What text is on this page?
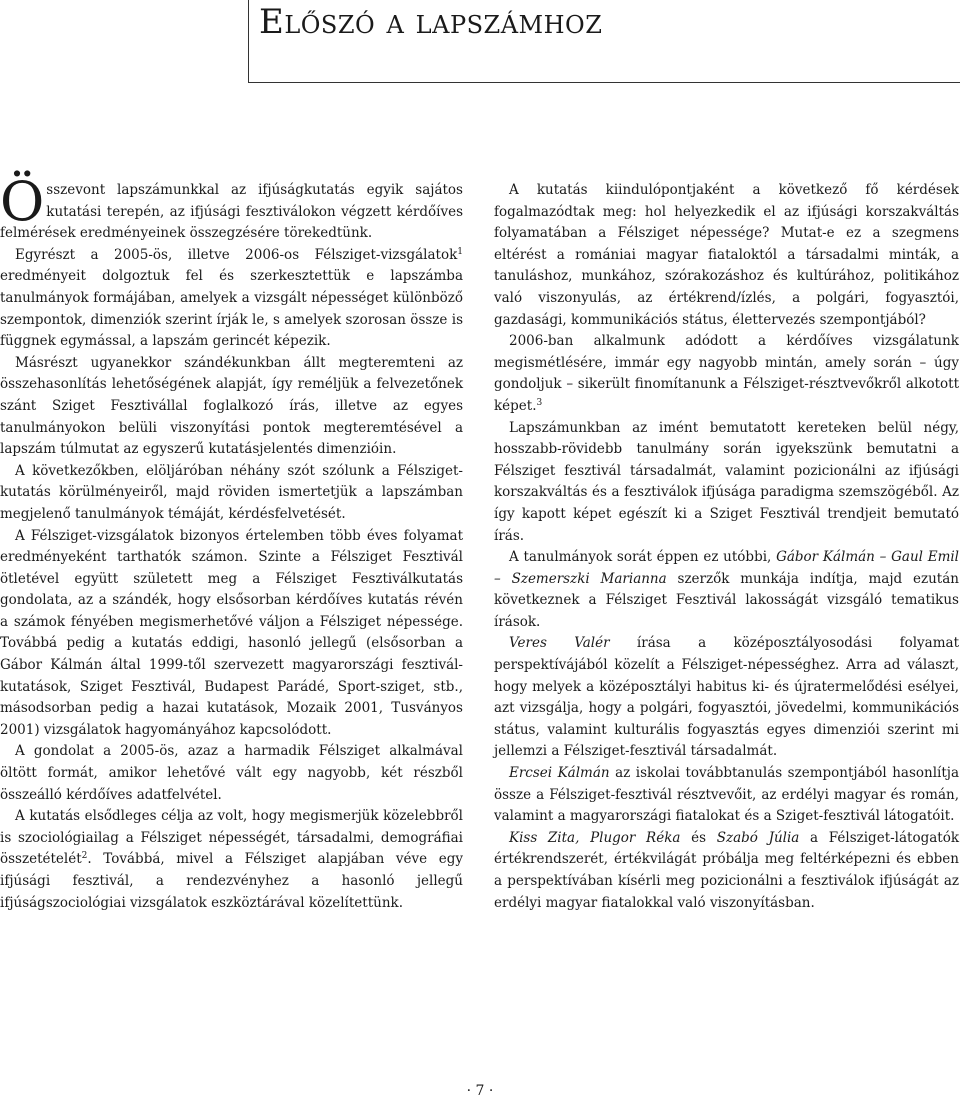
Előszó a lapszámhoz

Összevont lapszámunkkal az ifjúságkutatás egyik sajátos kutatási terepén, az ifjúsági fesztiválokon végzett kérdőíves felmérések eredményeinek összegzésére törekedtünk.

Egyrészt a 2005-ös, illetve 2006-os Félsziget-vizsgálatok$^1$ eredményeit dolgoztuk fel és szerkesztettük e lapszámba tanulmányok formájában, amelyek a vizsgált népességet különböző szempontok, dimenziók szerint írják le, s amelyek szorosan össze is függnek egymással, a lapszám gerincét képezik.

Másrészt ugyanekkor szándékunkban állt megteremteni az összehasonlítás lehetőségének alapját, így reméljük a felvezetőnek szánt Sziget Fesztivállal foglalkozó írás, illetve az egyes tanulmányokon belüli viszonyítási pontok megteremtésével a lapszám túlmutat az egyszerű kutatásjelentés dimenzióin.

A következőkben, elöljáróban néhány szót szólunk a Félsziget-kutatás körülményeiről, majd röviden ismertetjük a lapszámban megjelenő tanulmányok témáját, kérdésfelvetését.

A Félsziget-vizsgálatok bizonyos értelemben több éves folyamat eredményeként tarthatók számon. Szinte a Félsziget Fesztivál ötletével együtt született meg a Félsziget Fesztiválkutatás gondolata, az a szándék, hogy elsősorban kérdőíves kutatás révén a számok fényében megismerhetővé váljon a Félsziget népessége. Továbbá pedig a kutatás eddigi, hasonló jellegű (elsősorban a Gábor Kálmán által 1999-től szervezett magyarországi fesztivál-kutatások, Sziget Fesztivál, Budapest Parádé, Sport-sziget, stb., másodsorban pedig a hazai kutatások, Mozaik 2001, Tusványos 2001) vizsgálatok hagyományához kapcsolódott.

A gondolat a 2005-ös, azaz a harmadik Félsziget alkalmával öltött formát, amikor lehetővé vált egy nagyobb, két részből összeálló kérdőíves adatfelvétel.

A kutatás elsődleges célja az volt, hogy megismerjük közelebbről is szociológiailag a Félsziget népességét, társadalmi, demográfiai összetételét$^2$. Továbbá, mivel a Félsziget alapjában véve egy ifjúsági fesztivál, a rendezvényhez a hasonló jellegű ifjúságszociológiai vizsgálatok eszköztárával közelítettünk.

A kutatás kiindulópontjaként a következő fő kérdések fogalmazódtak meg: hol helyezkedik el az ifjúsági korszakváltás folyamatában a Félsziget népessége? Mutat-e ez a szegmens eltérést a romániai magyar fiataloktól a társadalmi minták, a tanuláshoz, munkához, szórakozáshoz és kultúrához, politikához való viszonyulás, az értékrend/ízlés, a polgári, fogyasztói, gazdasági, kommunikációs státus, élettervezés szempontjából?

2006-ban alkalmunk adódott a kérdőíves vizsgálatunk megismétlésére, immár egy nagyobb mintán, amely során – úgy gondoljuk – sikerült finomítanunk a Félsziget-résztvevőkről alkotott képet.$^3$

Lapszámunkban az imént bemutatott kereteken belül négy, hosszabb-rövidebb tanulmány során igyekszünk bemutatni a Félsziget fesztivál társadalmát, valamint pozicionálni az ifjúsági korszakváltás és a fesztiválok ifjúsága paradigma szemszögéből. Az így kapott képet egészít ki a Sziget Fesztivál trendjeit bemutató írás.

A tanulmányok sorát éppen ez utóbbi, Gábor Kálmán – Gaul Emil – Szemerszki Marianna szerzők munkája indítja, majd ezután következnek a Félsziget Fesztivál lakosságát vizsgáló tematikus írások.

Veres Valér írása a középosztályosodási folyamat perspektívájából közelít a Félsziget-népességhez. Arra ad választ, hogy melyek a középosztályi habitus ki- és újratermelődési esélyei, azt vizsgálja, hogy a polgári, fogyasztói, jövedelmi, kommunikációs státus, valamint kulturális fogyasztás egyes dimenziói szerint mi jellemzi a Félsziget-fesztivál társadalmát.

Ercsei Kálmán az iskolai továbbtanulás szempontjából hasonlítja össze a Félsziget-fesztivál résztvevőit, az erdélyi magyar és román, valamint a magyarországi fiatalokat és a Sziget-fesztivál látogatóit.

Kiss Zita, Plugor Réka és Szabó Júlia a Félsziget-látogatók értékrendszerét, értékvilágát próbálja meg feltérképezni és ebben a perspektívában kísérli meg pozicionálni a fesztiválok ifjúságát az erdélyi magyar fiatalokkal való viszonyításban.

· 7 ·
